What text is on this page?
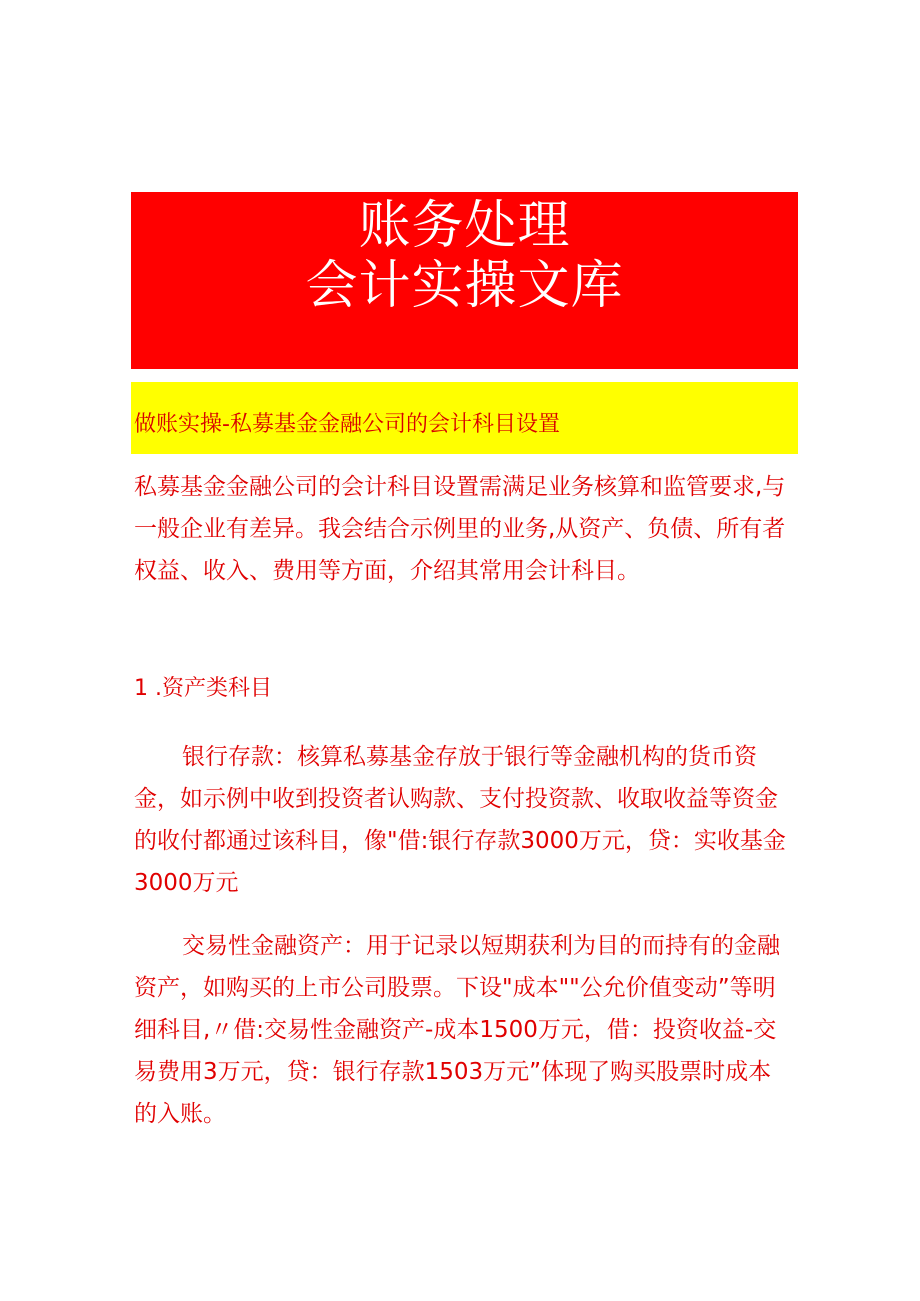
账务处理
会计实操文库
做账实操-私募基金金融公司的会计科目设置

私募基金金融公司的会计科目设置需满足业务核算和监管要求,与一般企业有差异。我会结合示例里的业务,从资产、负债、所有者权益、收入、费用等方面，介绍其常用会计科目。

1 .资产类科目

银行存款：核算私募基金存放于银行等金融机构的货币资金，如示例中收到投资者认购款、支付投资款、收取收益等资金的收付都通过该科目，像"借:银行存款3000万元，贷：实收基金3000万元

交易性金融资产：用于记录以短期获利为目的而持有的金融资产，如购买的上市公司股票。下设"成本""公允价值变动”等明细科目,〃借:交易性金融资产-成本1500万元，借：投资收益-交易费用3万元，贷：银行存款1503万元”体现了购买股票时成本的入账。
